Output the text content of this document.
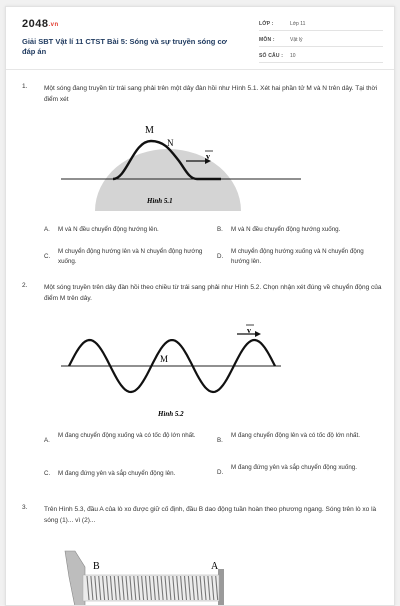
2048.vn
Giải SBT Vật lí 11 CTST Bài 5: Sóng và sự truyền sóng cơ đáp án
LỚP :	Lớp 11
MÔN :	Vật lý
SỐ CÂU :	10
1.	Một sóng đang truyền từ trái sang phải trên một dây đàn hồi như Hình 5.1. Xét hai phần tử M và N trên dây. Tại thời điểm xét
v
M
N
Hình 5.1
A.	M và N đều chuyển động hướng lên.	B.	M và N đều chuyển động hướng xuống.
C.
M chuyển động hướng lên và N chuyển động hướng xuống.
D.
M chuyển động hướng xuống và N chuyển động hướng lên.
2.	Một sóng truyền trên dây đàn hồi theo chiều từ trái sang phải như Hình 5.2. Chọn nhận xét đúng về chuyển động của điểm M trên dây.
v
M
Hình 5.2
A.
M đang chuyển động xuống và có tốc độ lớn nhất.
B.
M đang chuyển động lên và có tốc độ lớn nhất.
C.	M đang đứng yên và sắp chuyển động lên.	D.
M đang đứng yên và sắp chuyển động xuống.
3.	Trên Hình 5.3, đầu A của lò xo được giữ cố định, đầu B dao động tuần hoàn theo phương ngang. Sóng trên lò xo là sóng (1)... vì (2)...
B	A
